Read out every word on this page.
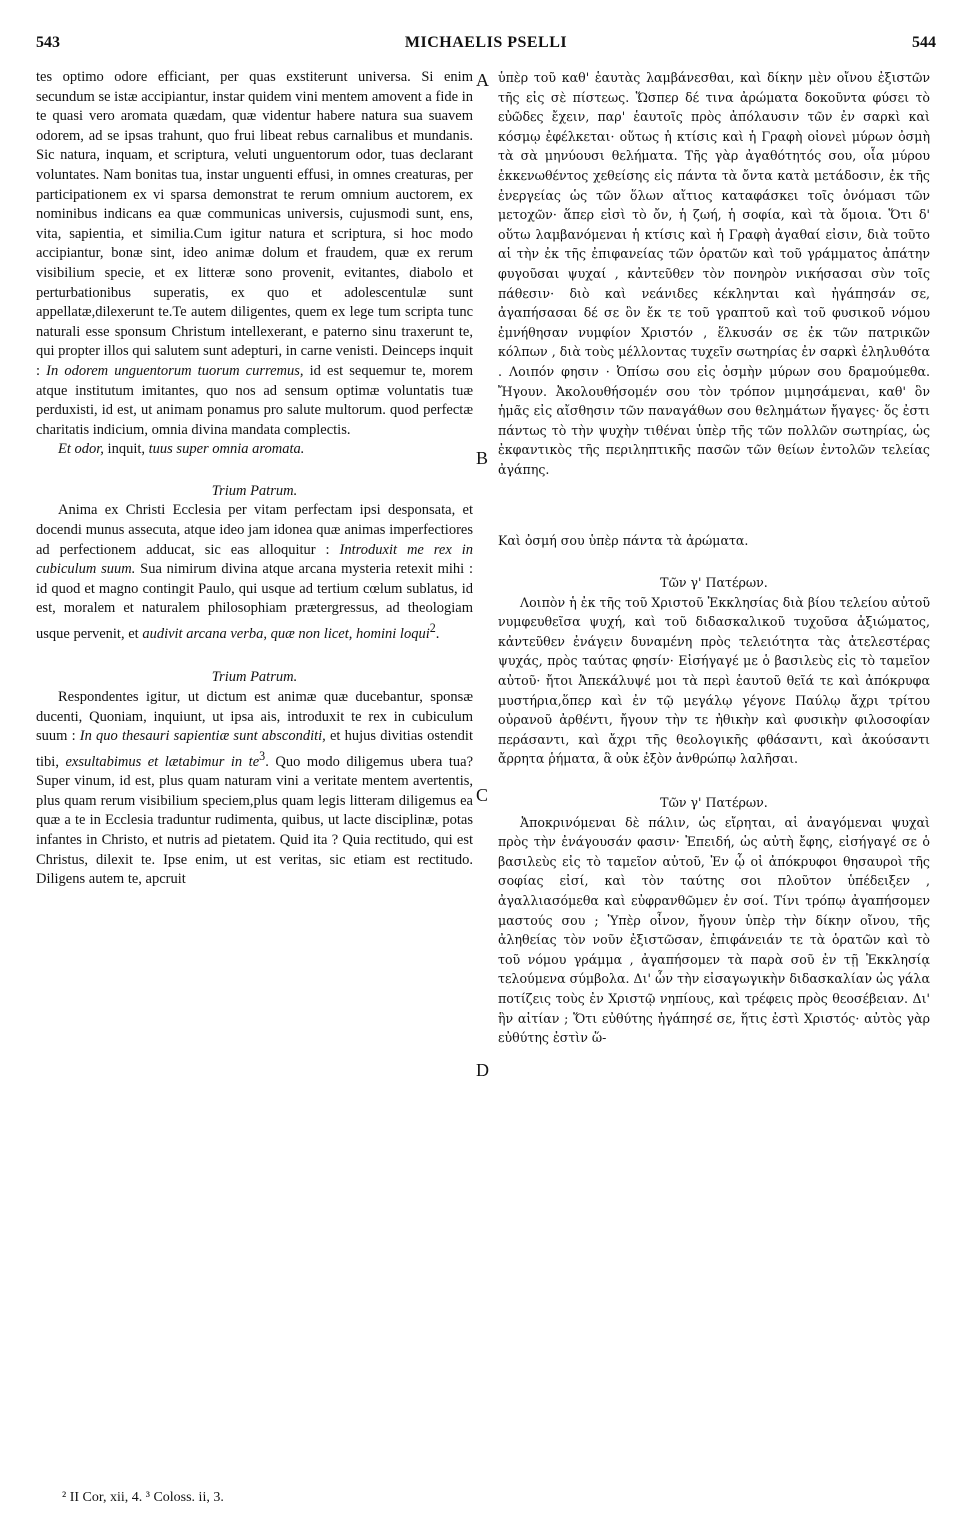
543	MICHAELIS PSELLI	544
A
B
C
D

tes optimo odore efficiant, per quas exstiterunt universa. Si enim secundum se istæ accipiantur, instar quidem vini mentem amovent a fide in te quasi vero aromata quædam, quæ videntur habere natura sua suavem odorem, ad se ipsas trahunt, quo frui libeat rebus carnalibus et mundanis. Sic natura, inquam, et scriptura, veluti unguentorum odor, tuas declarant voluntates. Nam bonitas tua, instar unguenti effusi, in omnes creaturas, per participationem ex vi sparsa demonstrat te rerum omnium auctorem, ex nominibus indicans ea quæ communicas universis, cujusmodi sunt, ens, vita, sapientia, et similia.Cum igitur natura et scriptura, si hoc modo accipiantur, bonæ sint, ideo animæ dolum et fraudem, quæ ex rerum visibilium specie, et ex litteræ sono provenit, evitantes, diabolo et perturbationibus superatis, ex quo et adolescentulæ sunt appellatæ,dilexerunt te.Te autem diligentes, quem ex lege tum scripta tunc naturali esse sponsum Christum intellexerant, e paterno sinu traxerunt te, qui propter illos qui salutem sunt adepturi, in carne venisti. Deinceps inquit : In odorem unguentorum tuorum curremus, id est sequemur te, morem atque institutum imitantes, quo nos ad sensum optimæ voluntatis tuæ perduxisti, id est, ut animam ponamus pro salute multorum. quod perfectæ charitatis indicium, omnia divina mandata complectis.

Et odor, inquit, tuus super omnia aromata.

Trium Patrum.

Anima ex Christi Ecclesia per vitam perfectam ipsi desponsata, et docendi munus assecuta, atque ideo jam idonea quæ animas imperfectiores ad perfectionem adducat, sic eas alloquitur : Introduxit me rex in cubiculum suum. Sua nimirum divina atque arcana mysteria retexit mihi : id quod et magno contingit Paulo, qui usque ad tertium cœlum sublatus, id est, moralem et naturalem philosophiam prætergressus, ad theologiam usque pervenit, et audivit arcana verba, quæ non licet, homini loqui$^2$.

Trium Patrum.

Respondentes igitur, ut dictum est animæ quæ ducebantur, sponsæ ducenti, Quoniam, inquiunt, ut ipsa ais, introduxit te rex in cubiculum suum : In quo thesauri sapientiæ sunt absconditi, et hujus divitias ostendit tibi, exsultabimus et lætabimur in $te^3$. Quo modo diligemus ubera tua? Super vinum, id est, plus quam naturam vini a veritate mentem avertentis, plus quam rerum visibilium speciem,plus quam legis litteram diligemus ea quæ a te in Ecclesia traduntur rudimenta, quibus, ut lacte disciplinæ, potas infantes in Christo, et nutris ad pietatem. Quid ita ? Quia rectitudo, qui est Christus, dilexit te. Ipse enim, ut est veritas, sic etiam est rectitudo. Diligens autem te, apcruit

ὑπὲρ τοῦ καθ' ἑαυτὰς λαμβάνεσθαι, καὶ δίκην μὲν οἴνου ἐξιστῶν τῆς εἰς σὲ πίστεως. Ὥσπερ δέ τινα ἀρώματα δοκοῦντα φύσει τὸ εὐῶδες ἔχειν, παρ' ἑαυτοῖς πρὸς ἀπόλαυσιν τῶν ἐν σαρκὶ καὶ κόσμῳ ἐφέλκεται· οὕτως ἡ κτίσις καὶ ἡ Γραφὴ οἱονεὶ μύρων ὀσμὴ τὰ σὰ μηνύουσι θελήματα. Τῆς γὰρ ἀγαθότητός σου, οἷα μύρου ἐκκενωθέντος χεθείσης εἰς πάντα τὰ ὄντα κατὰ μετάδοσιν, ἐκ τῆς ἐνεργείας ὡς τῶν ὅλων αἴτιος καταφάσκει τοῖς ὀνόμασι τῶν μετοχῶν· ἅπερ εἰσὶ τὸ ὄν, ἡ ζωή, ἡ σοφία, καὶ τὰ ὅμοια. Ὅτι δ' οὕτω λαμβανόμεναι ἡ κτίσις καὶ ἡ Γραφὴ ἀγαθαί εἰσιν, διὰ τοῦτο αἱ τὴν ἐκ τῆς ἐπιφανείας τῶν ὁρατῶν καὶ τοῦ γράμματος ἀπάτην φυγοῦσαι ψυχαί , κἀντεῦθεν τὸν πονηρὸν νικήσασαι σὺν τοῖς πάθεσιν· διὸ καὶ νεάνιδες κέκληνται καὶ ἠγάπησάν σε, ἀγαπήσασαι δέ σε ὃν ἔκ τε τοῦ γραπτοῦ καὶ τοῦ φυσικοῦ νόμου ἐμνήθησαν νυμφίον Χριστόν , ἕλκυσάν σε ἐκ τῶν πατρικῶν κόλπων , διὰ τοὺς μέλλοντας τυχεῖν σωτηρίας ἐν σαρκὶ ἐληλυθότα . Λοιπόν φησιν · Ὀπίσω σου εἰς ὀσμὴν μύρων σου δραμούμεθα. Ἤγουν. Ἀκολουθήσομέν σου τὸν τρόπον μιμησάμεναι, καθ' ὃν ἡμᾶς εἰς αἴσθησιν τῶν παναγάθων σου θελημάτων ἤγαγες· ὅς ἐστι πάντως τὸ τὴν ψυχὴν τιθέναι ὑπὲρ τῆς τῶν πολλῶν σωτηρίας, ὡς ἐκφαντικὸς τῆς περιληπτικῆς πασῶν τῶν θείων ἐντολῶν τελείας ἀγάπης.

Καὶ ὀσμή σου ὑπὲρ πάντα τὰ ἀρώματα.

Τῶν γ' Πατέρων.

Λοιπὸν ἡ ἐκ τῆς τοῦ Χριστοῦ Ἐκκλησίας διὰ βίου τελείου αὐτοῦ νυμφευθεῖσα ψυχή, καὶ τοῦ διδασκαλικοῦ τυχοῦσα ἀξιώματος, κἀντεῦθεν ἐνάγειν δυναμένη πρὸς τελειότητα τὰς ἀτελεστέρας ψυχάς, πρὸς ταύτας φησίν· Εἰσήγαγέ με ὁ βασιλεὺς εἰς τὸ ταμεῖον αὐτοῦ· ἤτοι Ἀπεκάλυψέ μοι τὰ περὶ ἑαυτοῦ θεῖά τε καὶ ἀπόκρυφα μυστήρια,ὅπερ καὶ ἐν τῷ μεγάλῳ γέγονε Παύλῳ ἄχρι τρίτου οὐρανοῦ ἀρθέντι, ἤγουν τὴν τε ἠθικὴν καὶ φυσικὴν φιλοσοφίαν περάσαντι, καὶ ἄχρι τῆς θεολογικῆς φθάσαντι, καὶ ἀκούσαντι ἄρρητα ῥήματα, ἃ οὐκ ἐξὸν ἀνθρώπῳ λαλῆσαι.

Τῶν γ' Πατέρων.

Ἀποκρινόμεναι δὲ πάλιν, ὡς εἴρηται, αἱ ἀναγόμεναι ψυχαὶ πρὸς τὴν ἐνάγουσάν φασιν· Ἐπειδή, ὡς αὐτὴ ἔφης, εἰσήγαγέ σε ὁ βασιλεὺς εἰς τὸ ταμεῖον αὐτοῦ, Ἐν ᾧ οἱ ἀπόκρυφοι θησαυροὶ τῆς σοφίας εἰσί, καὶ τὸν ταύτης σοι πλοῦτον ὑπέδειξεν , ἀγαλλιασόμεθα καὶ εὐφρανθῶμεν ἐν σοί. Τίνι τρόπῳ ἀγαπήσομεν μαστούς σου ; Ὑπὲρ οἶνον, ἤγουν ὑπὲρ τὴν δίκην οἴνου, τῆς ἀληθείας τὸν νοῦν ἐξιστῶσαν, ἐπιφάνειάν τε τὰ ὁρατῶν καὶ τὸ τοῦ νόμου γράμμα , ἀγαπήσομεν τὰ παρὰ σοῦ ἐν τῇ Ἐκκλησίᾳ τελούμενα σύμβολα. Δι' ὧν τὴν εἰσαγωγικὴν διδασκαλίαν ὡς γάλα ποτίζεις τοὺς ἐν Χριστῷ νηπίους, καὶ τρέφεις πρὸς θεοσέβειαν. Δι' ἣν αἰτίαν ; Ὅτι εὐθύτης ἠγάπησέ σε, ἥτις ἐστὶ Χριστός· αὐτὸς γὰρ εὐθύτης ἐστὶν ὥ-

² II Cor, xii, 4. ³ Coloss. ii, 3.
